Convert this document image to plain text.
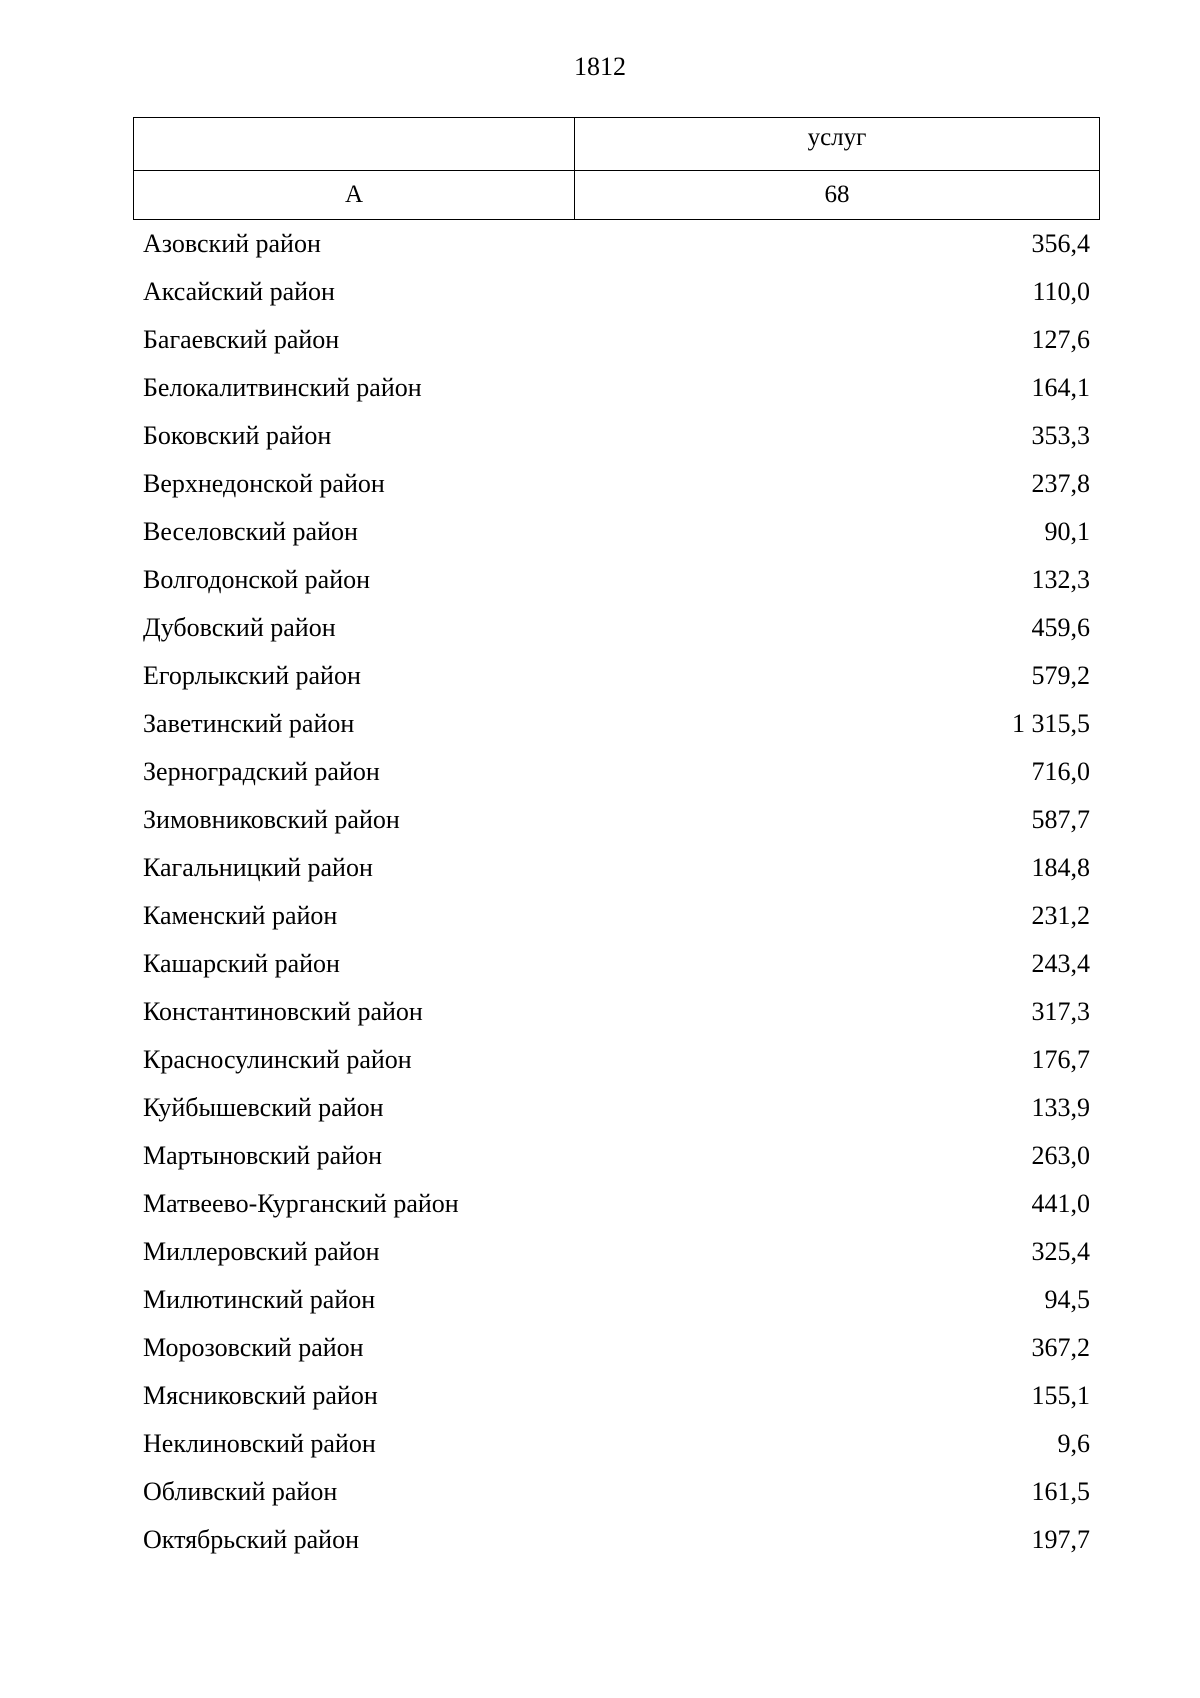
1812
	услуг
А	68
Азовский район	356,4
Аксайский район	110,0
Багаевский район	127,6
Белокалитвинский район	164,1
Боковский район	353,3
Верхнедонской район	237,8
Веселовский район	90,1
Волгодонской район	132,3
Дубовский район	459,6
Егорлыкский район	579,2
Заветинский район	1 315,5
Зерноградский район	716,0
Зимовниковский район	587,7
Кагальницкий район	184,8
Каменский район	231,2
Кашарский район	243,4
Константиновский район	317,3
Красносулинский район	176,7
Куйбышевский район	133,9
Мартыновский район	263,0
Матвеево-Курганский район	441,0
Миллеровский район	325,4
Милютинский район	94,5
Морозовский район	367,2
Мясниковский район	155,1
Неклиновский район	9,6
Обливский район	161,5
Октябрьский район	197,7
